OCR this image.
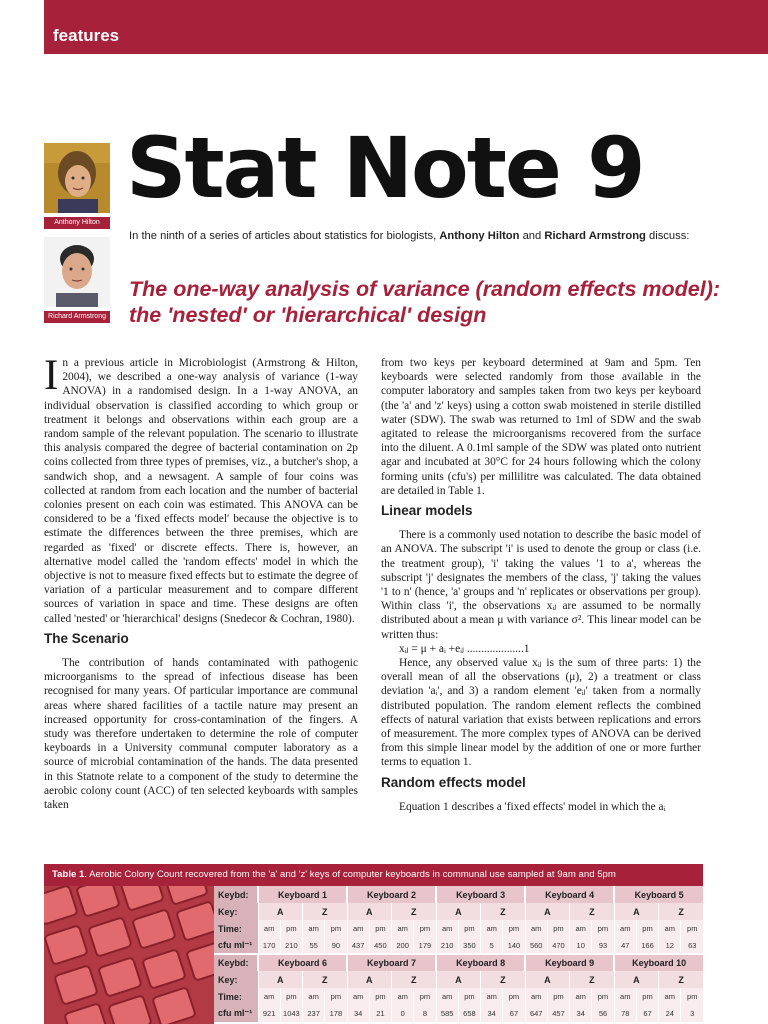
features
Anthony Hilton
Richard Armstrong
Stat Note 9
In the ninth of a series of articles about statistics for biologists, Anthony Hilton and Richard Armstrong discuss:
The one-way analysis of variance (random effects model): the 'nested' or 'hierarchical' design

In a previous article in Microbiologist (Armstrong & Hilton, 2004), we described a one-way analysis of variance (1-way ANOVA) in a randomised design. In a 1-way ANOVA, an individual observation is classified according to which group or treatment it belongs and observations within each group are a random sample of the relevant population. The scenario to illustrate this analysis compared the degree of bacterial contamination on 2p coins collected from three types of premises, viz., a butcher's shop, a sandwich shop, and a newsagent. A sample of four coins was collected at random from each location and the number of bacterial colonies present on each coin was estimated. This ANOVA can be considered to be a 'fixed effects model' because the objective is to estimate the differences between the three premises, which are regarded as 'fixed' or discrete effects. There is, however, an alternative model called the 'random effects' model in which the objective is not to measure fixed effects but to estimate the degree of variation of a particular measurement and to compare different sources of variation in space and time. These designs are often called 'nested' or 'hierarchical' designs (Snedecor & Cochran, 1980).

The Scenario

The contribution of hands contaminated with pathogenic microorganisms to the spread of infectious disease has been recognised for many years. Of particular importance are communal areas where shared facilities of a tactile nature may present an increased opportunity for cross-contamination of the fingers. A study was therefore undertaken to determine the role of computer keyboards in a University communal computer laboratory as a source of microbial contamination of the hands. The data presented in this Statnote relate to a component of the study to determine the aerobic colony count (ACC) of ten selected keyboards with samples taken

from two keys per keyboard determined at 9am and 5pm. Ten keyboards were selected randomly from those available in the computer laboratory and samples taken from two keys per keyboard (the 'a' and 'z' keys) using a cotton swab moistened in sterile distilled water (SDW). The swab was returned to 1ml of SDW and the swab agitated to release the microorganisms recovered from the surface into the diluent. A 0.1ml sample of the SDW was plated onto nutrient agar and incubated at 30°C for 24 hours following which the colony forming units (cfu's) per millilitre was calculated. The data obtained are detailed in Table 1.

Linear models

There is a commonly used notation to describe the basic model of an ANOVA. The subscript 'i' is used to denote the group or class (i.e. the treatment group), 'i' taking the values '1 to a', whereas the subscript 'j' designates the members of the class, 'j' taking the values '1 to n' (hence, 'a' groups and 'n' replicates or observations per group). Within class 'i', the observations xᵢⱼ are assumed to be normally distributed about a mean μ with variance σ². This linear model can be written thus:

xᵢⱼ = μ + aᵢ +eᵢⱼ ....................1

Hence, any observed value xᵢⱼ is the sum of three parts: 1) the overall mean of all the observations (μ), 2) a treatment or class deviation 'aᵢ', and 3) a random element 'eᵢⱼ' taken from a normally distributed population. The random element reflects the combined effects of natural variation that exists between replications and errors of measurement. The more complex types of ANOVA can be derived from this simple linear model by the addition of one or more further terms to equation 1.

Random effects model

Equation 1 describes a 'fixed effects' model in which the aᵢ

Table 1. Aerobic Colony Count recovered from the 'a' and 'z' keys of computer keyboards in communal use sampled at 9am and 5pm
Keybd:	Keyboard 1				Keyboard 2				Keyboard 3				Keyboard 4				Keyboard 5			
Key:	A		Z		A		Z		A		Z		A		Z		A		Z	
Time:	am	pm	am	pm	am	pm	am	pm	am	pm	am	pm	am	pm	am	pm	am	pm	am	pm
cfu ml⁻¹	170	210	55	90	437	450	200	179	210	350	5	140	560	470	10	93	47	166	12	63
Keybd:	Keyboard 6				Keyboard 7				Keyboard 8				Keyboard 9				Keyboard 10			
Key:	A		Z		A		Z		A		Z		A		Z		A		Z	
Time:	am	pm	am	pm	am	pm	am	pm	am	pm	am	pm	am	pm	am	pm	am	pm	am	pm
cfu ml⁻¹	921	1043	237	178	34	21	0	8	585	658	34	67	647	457	34	56	78	67	24	3
